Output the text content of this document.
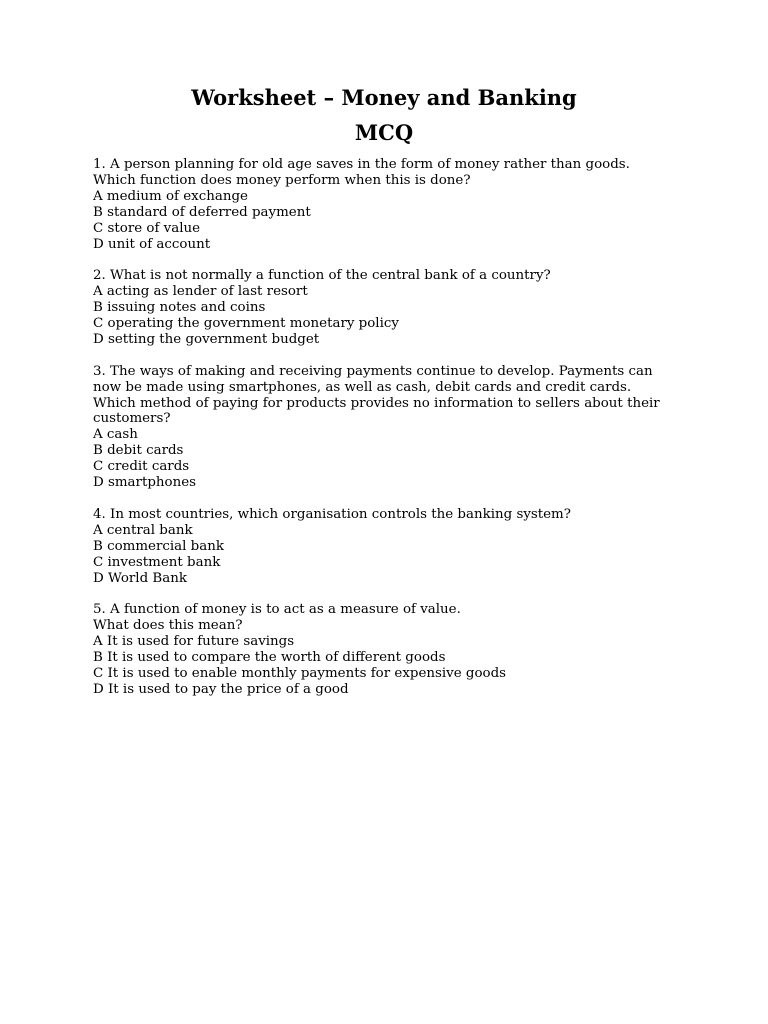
Worksheet – Money and Banking
MCQ

1. A person planning for old age saves in the form of money rather than goods. Which function does money perform when this is done?

A medium of exchange

B standard of deferred payment

C store of value

D unit of account

2. What is not normally a function of the central bank of a country?

A acting as lender of last resort

B issuing notes and coins

C operating the government monetary policy

D setting the government budget

3. The ways of making and receiving payments continue to develop. Payments can now be made using smartphones, as well as cash, debit cards and credit cards. Which method of paying for products provides no information to sellers about their customers?

A cash

B debit cards

C credit cards

D smartphones

4. In most countries, which organisation controls the banking system?

A central bank

B commercial bank

C investment bank

D World Bank

5. A function of money is to act as a measure of value.

What does this mean?

A It is used for future savings

B It is used to compare the worth of different goods

C It is used to enable monthly payments for expensive goods

D It is used to pay the price of a good
